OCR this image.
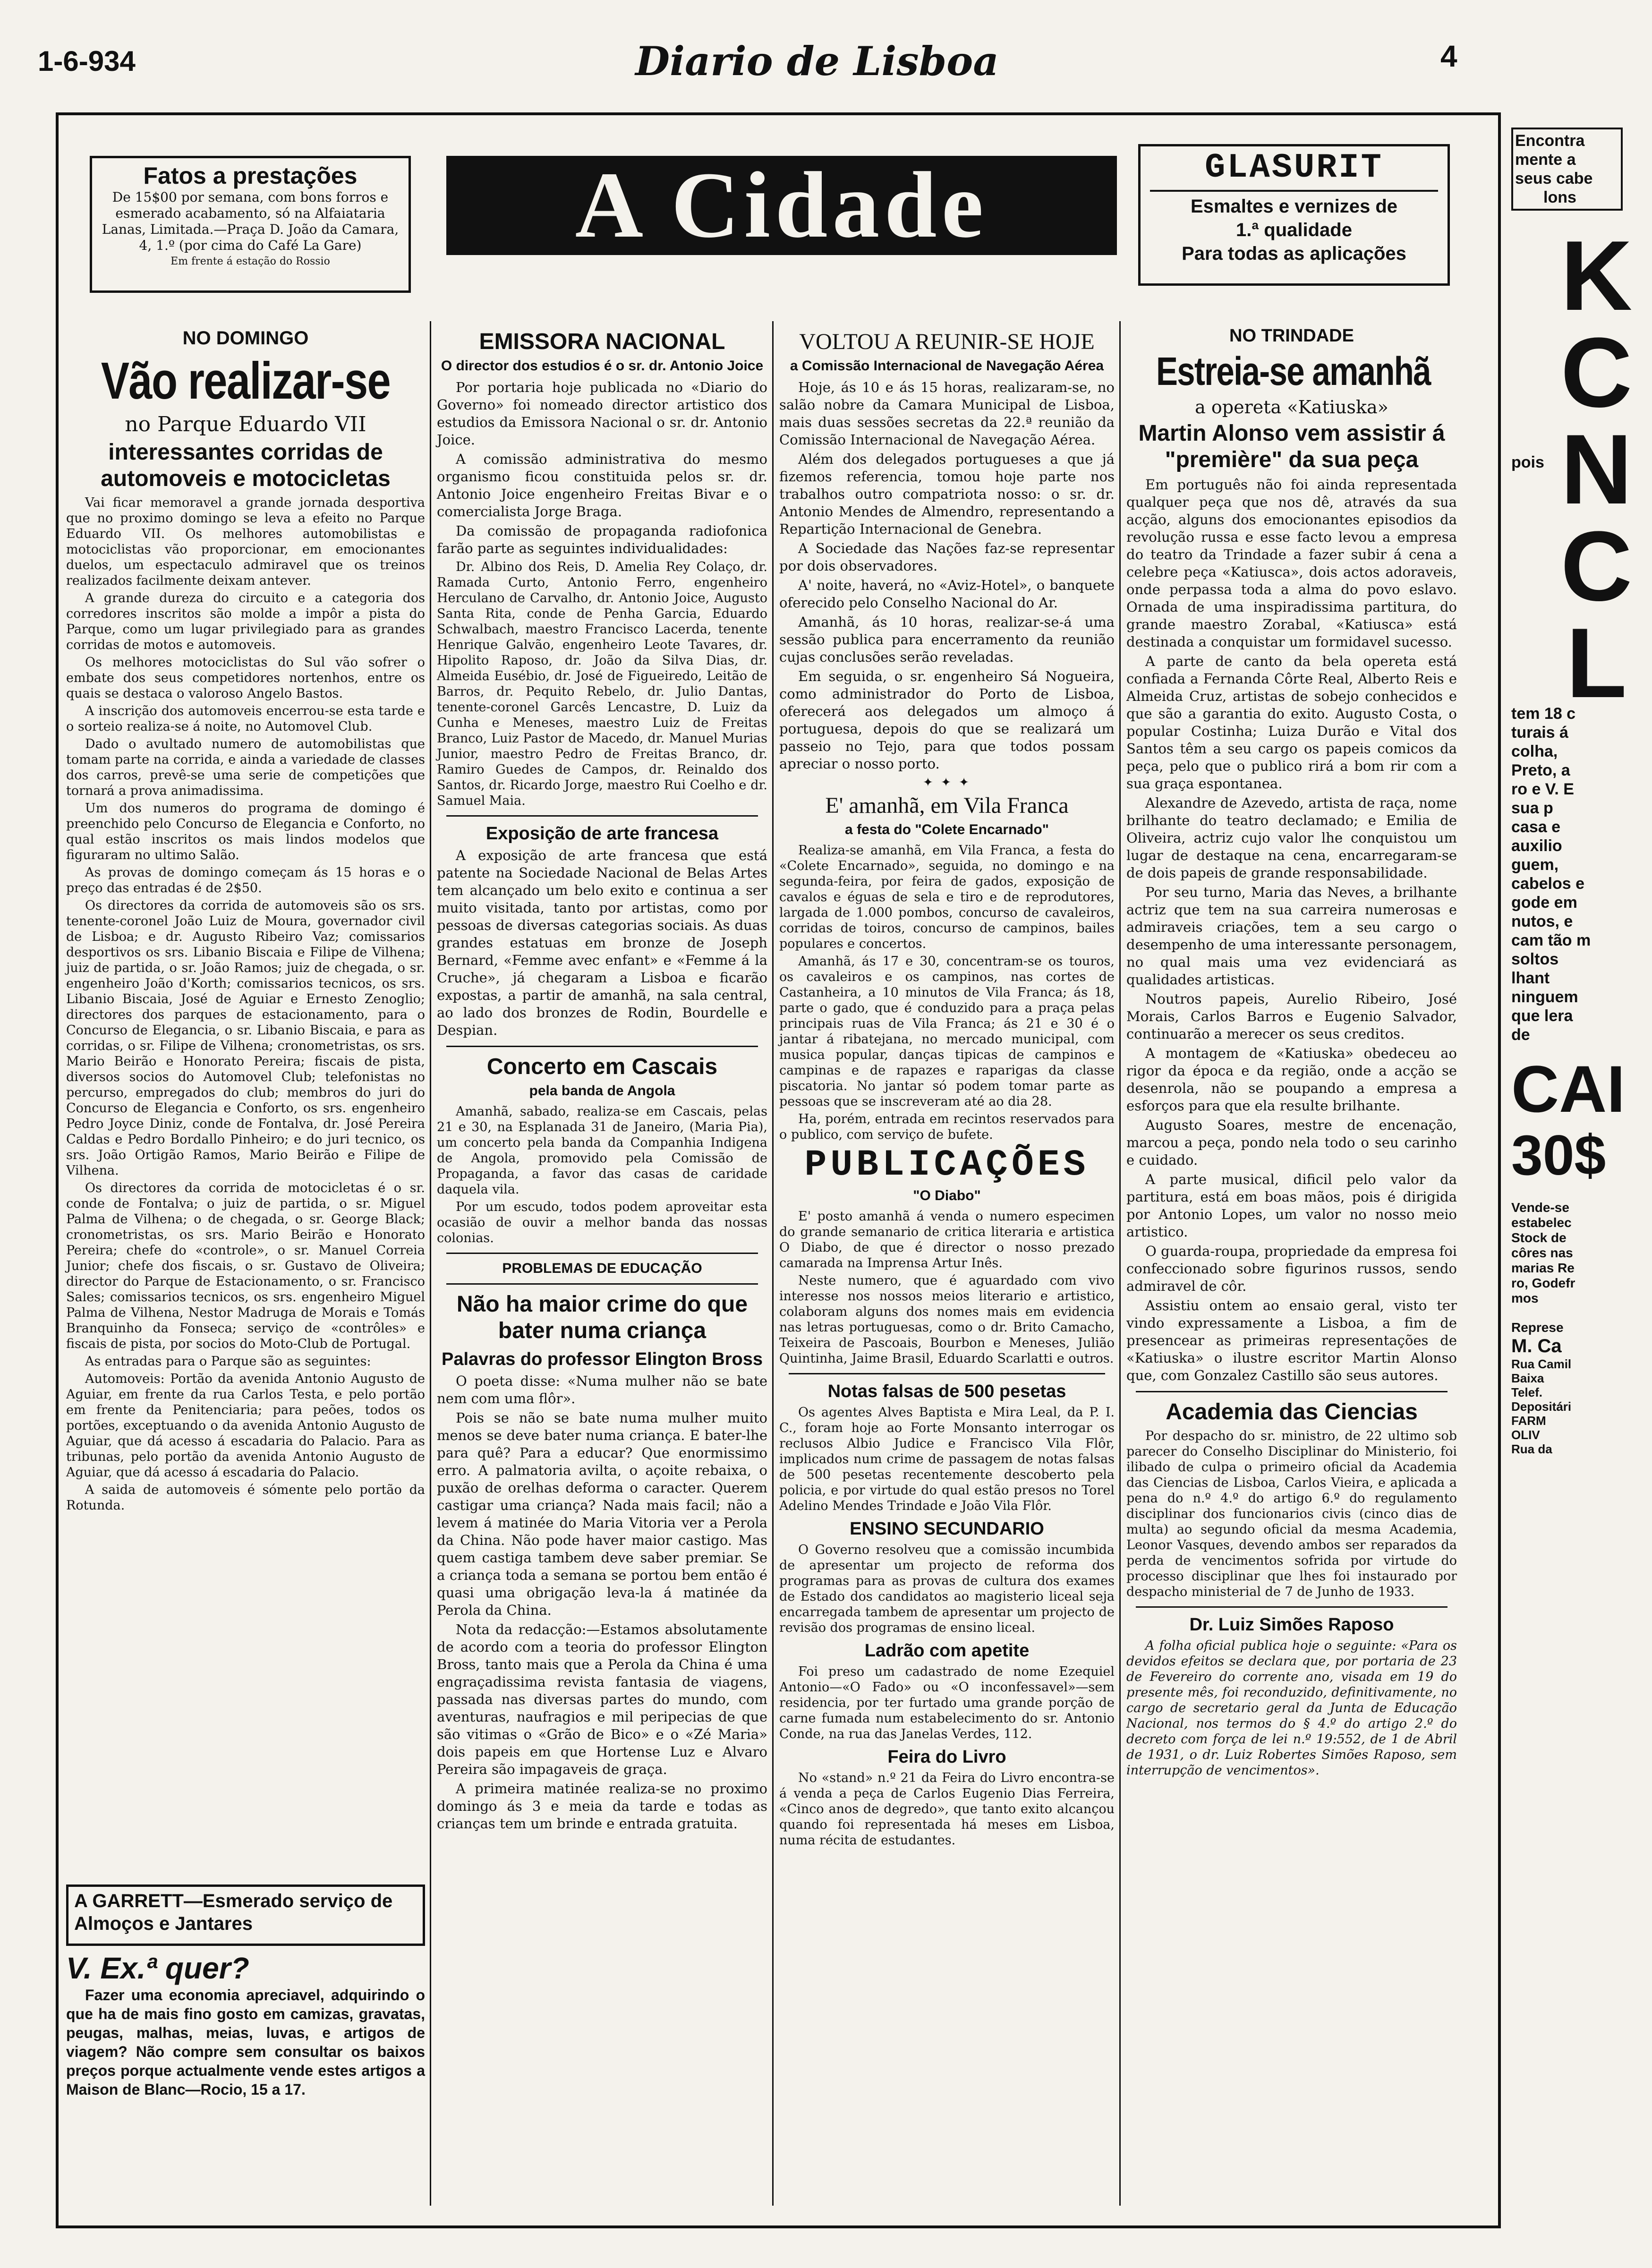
1-6-934	Diario de Lisboa	4
Fatos a prestações
De 15$00 por semana, com bons forros e esmerado acabamento, só na Alfaiataria Lanas, Limitada.—Praça D. João da Camara, 4, 1.º (por cima do Café La Gare)
Em frente á estação do Rossio
A Cidade	GLASURIT
Esmaltes e vernizes de
1.ª qualidade
Para todas as aplicações
NO DOMINGO
Vão realizar-se
no Parque Eduardo VII
interessantes corridas de automoveis e motocicletas

Vai ficar memoravel a grande jornada desportiva que no proximo domingo se leva a efeito no Parque Eduardo VII. Os melhores automobilistas e motociclistas vão proporcionar, em emocionantes duelos, um espectaculo admiravel que os treinos realizados facilmente deixam antever.

A grande dureza do circuito e a categoria dos corredores inscritos são molde a impôr a pista do Parque, como um lugar privilegiado para as grandes corridas de motos e automoveis.

Os melhores motociclistas do Sul vão sofrer o embate dos seus competidores nortenhos, entre os quais se destaca o valoroso Angelo Bastos.

A inscrição dos automoveis encerrou-se esta tarde e o sorteio realiza-se á noite, no Automovel Club.

Dado o avultado numero de automobilistas que tomam parte na corrida, e ainda a variedade de classes dos carros, prevê-se uma serie de competições que tornará a prova animadissima.

Um dos numeros do programa de domingo é preenchido pelo Concurso de Elegancia e Conforto, no qual estão inscritos os mais lindos modelos que figuraram no ultimo Salão.

As provas de domingo começam ás 15 horas e o preço das entradas é de 2$50.

Os directores da corrida de automoveis são os srs. tenente-coronel João Luiz de Moura, governador civil de Lisboa; e dr. Augusto Ribeiro Vaz; comissarios desportivos os srs. Libanio Biscaia e Filipe de Vilhena; juiz de partida, o sr. João Ramos; juiz de chegada, o sr. engenheiro João d'Korth; comissarios tecnicos, os srs. Libanio Biscaia, José de Aguiar e Ernesto Zenoglio; directores dos parques de estacionamento, para o Concurso de Elegancia, o sr. Libanio Biscaia, e para as corridas, o sr. Filipe de Vilhena; cronometristas, os srs. Mario Beirão e Honorato Pereira; fiscais de pista, diversos socios do Automovel Club; telefonistas no percurso, empregados do club; membros do juri do Concurso de Elegancia e Conforto, os srs. engenheiro Pedro Joyce Diniz, conde de Fontalva, dr. José Pereira Caldas e Pedro Bordallo Pinheiro; e do juri tecnico, os srs. João Ortigão Ramos, Mario Beirão e Filipe de Vilhena.

Os directores da corrida de motocicletas é o sr. conde de Fontalva; o juiz de partida, o sr. Miguel Palma de Vilhena; o de chegada, o sr. George Black; cronometristas, os srs. Mario Beirão e Honorato Pereira; chefe do «controle», o sr. Manuel Correia Junior; chefe dos fiscais, o sr. Gustavo de Oliveira; director do Parque de Estacionamento, o sr. Francisco Sales; comissarios tecnicos, os srs. engenheiro Miguel Palma de Vilhena, Nestor Madruga de Morais e Tomás Branquinho da Fonseca; serviço de «contrôles» e fiscais de pista, por socios do Moto-Club de Portugal.

As entradas para o Parque são as seguintes:

Automoveis: Portão da avenida Antonio Augusto de Aguiar, em frente da rua Carlos Testa, e pelo portão em frente da Penitenciaria; para peões, todos os portões, exceptuando o da avenida Antonio Augusto de Aguiar, que dá acesso á escadaria do Palacio. Para as tribunas, pelo portão da avenida Antonio Augusto de Aguiar, que dá acesso á escadaria do Palacio.

A saida de automoveis é sómente pelo portão da Rotunda.

A GARRETT—Esmerado serviço de Almoços e Jantares
V. Ex.ª quer?

Fazer uma economia apreciavel, adquirindo o que ha de mais fino gosto em camizas, gravatas, peugas, malhas, meias, luvas, e artigos de viagem? Não compre sem consultar os baixos preços porque actualmente vende estes artigos a Maison de Blanc—Rocio, 15 a 17.

EMISSORA NACIONAL
O director dos estudios é o sr. dr. Antonio Joice

Por portaria hoje publicada no «Diario do Governo» foi nomeado director artistico dos estudios da Emissora Nacional o sr. dr. Antonio Joice.

A comissão administrativa do mesmo organismo ficou constituida pelos sr. dr. Antonio Joice engenheiro Freitas Bivar e o comercialista Jorge Braga.

Da comissão de propaganda radiofonica farão parte as seguintes individualidades:

Dr. Albino dos Reis, D. Amelia Rey Colaço, dr. Ramada Curto, Antonio Ferro, engenheiro Herculano de Carvalho, dr. Antonio Joice, Augusto Santa Rita, conde de Penha Garcia, Eduardo Schwalbach, maestro Francisco Lacerda, tenente Henrique Galvão, engenheiro Leote Tavares, dr. Hipolito Raposo, dr. João da Silva Dias, dr. Almeida Eusébio, dr. José de Figueiredo, Leitão de Barros, dr. Pequito Rebelo, dr. Julio Dantas, tenente-coronel Garcês Lencastre, D. Luiz da Cunha e Meneses, maestro Luiz de Freitas Branco, Luiz Pastor de Macedo, dr. Manuel Murias Junior, maestro Pedro de Freitas Branco, dr. Ramiro Guedes de Campos, dr. Reinaldo dos Santos, dr. Ricardo Jorge, maestro Rui Coelho e dr. Samuel Maia.

Exposição de arte francesa

A exposição de arte francesa que está patente na Sociedade Nacional de Belas Artes tem alcançado um belo exito e continua a ser muito visitada, tanto por artistas, como por pessoas de diversas categorias sociais. As duas grandes estatuas em bronze de Joseph Bernard, «Femme avec enfant» e «Femme á la Cruche», já chegaram a Lisboa e ficarão expostas, a partir de amanhã, na sala central, ao lado dos bronzes de Rodin, Bourdelle e Despian.

Concerto em Cascais
pela banda de Angola

Amanhã, sabado, realiza-se em Cascais, pelas 21 e 30, na Esplanada 31 de Janeiro, (Maria Pia), um concerto pela banda da Companhia Indigena de Angola, promovido pela Comissão de Propaganda, a favor das casas de caridade daquela vila.

Por um escudo, todos podem aproveitar esta ocasião de ouvir a melhor banda das nossas colonias.

PROBLEMAS DE EDUCAÇÃO
Não ha maior crime do que bater numa criança
Palavras do professor Elington Bross

O poeta disse: «Numa mulher não se bate nem com uma flôr».

Pois se não se bate numa mulher muito menos se deve bater numa criança. E bater-lhe para quê? Para a educar? Que enormissimo erro. A palmatoria avilta, o açoite rebaixa, o puxão de orelhas deforma o caracter. Querem castigar uma criança? Nada mais facil; não a levem á matinée do Maria Vitoria ver a Perola da China. Não pode haver maior castigo. Mas quem castiga tambem deve saber premiar. Se a criança toda a semana se portou bem então é quasi uma obrigação leva-la á matinée da Perola da China.

Nota da redacção:—Estamos absolutamente de acordo com a teoria do professor Elington Bross, tanto mais que a Perola da China é uma engraçadissima revista fantasia de viagens, passada nas diversas partes do mundo, com aventuras, naufragios e mil peripecias de que são vitimas o «Grão de Bico» e o «Zé Maria» dois papeis em que Hortense Luz e Alvaro Pereira são impagaveis de graça.

A primeira matinée realiza-se no proximo domingo ás 3 e meia da tarde e todas as crianças tem um brinde e entrada gratuita.

VOLTOU A REUNIR-SE HOJE
a Comissão Internacional de Navegação Aérea

Hoje, ás 10 e ás 15 horas, realizaram-se, no salão nobre da Camara Municipal de Lisboa, mais duas sessões secretas da 22.ª reunião da Comissão Internacional de Navegação Aérea.

Além dos delegados portugueses a que já fizemos referencia, tomou hoje parte nos trabalhos outro compatriota nosso: o sr. dr. Antonio Mendes de Almendro, representando a Repartição Internacional de Genebra.

A Sociedade das Nações faz-se representar por dois observadores.

A' noite, haverá, no «Aviz-Hotel», o banquete oferecido pelo Conselho Nacional do Ar.

Amanhã, ás 10 horas, realizar-se-á uma sessão publica para encerramento da reunião cujas conclusões serão reveladas.

Em seguida, o sr. engenheiro Sá Nogueira, como administrador do Porto de Lisboa, oferecerá aos delegados um almoço á portuguesa, depois do que se realizará um passeio no Tejo, para que todos possam apreciar o nosso porto.

✦ ✦ ✦
E' amanhã, em Vila Franca
a festa do "Colete Encarnado"

Realiza-se amanhã, em Vila Franca, a festa do «Colete Encarnado», seguida, no domingo e na segunda-feira, por feira de gados, exposição de cavalos e éguas de sela e tiro e de reprodutores, largada de 1.000 pombos, concurso de cavaleiros, corridas de toiros, concurso de campinos, bailes populares e concertos.

Amanhã, ás 17 e 30, concentram-se os touros, os cavaleiros e os campinos, nas cortes de Castanheira, a 10 minutos de Vila Franca; ás 18, parte o gado, que é conduzido para a praça pelas principais ruas de Vila Franca; ás 21 e 30 é o jantar á ribatejana, no mercado municipal, com musica popular, danças tipicas de campinos e campinas e de rapazes e raparigas da classe piscatoria. No jantar só podem tomar parte as pessoas que se inscreveram até ao dia 28.

Ha, porém, entrada em recintos reservados para o publico, com serviço de bufete.

PUBLICAÇÕES
"O Diabo"

E' posto amanhã á venda o numero especimen do grande semanario de critica literaria e artistica O Diabo, de que é director o nosso prezado camarada na Imprensa Artur Inês.

Neste numero, que é aguardado com vivo interesse nos nossos meios literario e artistico, colaboram alguns dos nomes mais em evidencia nas letras portuguesas, como o dr. Brito Camacho, Teixeira de Pascoais, Bourbon e Meneses, Julião Quintinha, Jaime Brasil, Eduardo Scarlatti e outros.

Notas falsas de 500 pesetas

Os agentes Alves Baptista e Mira Leal, da P. I. C., foram hoje ao Forte Monsanto interrogar os reclusos Albio Judice e Francisco Vila Flôr, implicados num crime de passagem de notas falsas de 500 pesetas recentemente descoberto pela policia, e por virtude do qual estão presos no Torel Adelino Mendes Trindade e João Vila Flôr.

ENSINO SECUNDARIO

O Governo resolveu que a comissão incumbida de apresentar um projecto de reforma dos programas para as provas de cultura dos exames de Estado dos candidatos ao magisterio liceal seja encarregada tambem de apresentar um projecto de revisão dos programas de ensino liceal.

Ladrão com apetite

Foi preso um cadastrado de nome Ezequiel Antonio—«O Fado» ou «O inconfessavel»—sem residencia, por ter furtado uma grande porção de carne fumada num estabelecimento do sr. Antonio Conde, na rua das Janelas Verdes, 112.

Feira do Livro

No «stand» n.º 21 da Feira do Livro encontra-se á venda a peça de Carlos Eugenio Dias Ferreira, «Cinco anos de degredo», que tanto exito alcançou quando foi representada há meses em Lisboa, numa récita de estudantes.

NO TRINDADE
Estreia-se amanhã
a opereta «Katiuska»
Martin Alonso vem assistir á "première" da sua peça

Em português não foi ainda representada qualquer peça que nos dê, através da sua acção, alguns dos emocionantes episodios da revolução russa e esse facto levou a empresa do teatro da Trindade a fazer subir á cena a celebre peça «Katiusca», dois actos adoraveis, onde perpassa toda a alma do povo eslavo. Ornada de uma inspiradissima partitura, do grande maestro Zorabal, «Katiusca» está destinada a conquistar um formidavel sucesso.

A parte de canto da bela opereta está confiada a Fernanda Côrte Real, Alberto Reis e Almeida Cruz, artistas de sobejo conhecidos e que são a garantia do exito. Augusto Costa, o popular Costinha; Luiza Durão e Vital dos Santos têm a seu cargo os papeis comicos da peça, pelo que o publico rirá a bom rir com a sua graça espontanea.

Alexandre de Azevedo, artista de raça, nome brilhante do teatro declamado; e Emilia de Oliveira, actriz cujo valor lhe conquistou um lugar de destaque na cena, encarregaram-se de dois papeis de grande responsabilidade.

Por seu turno, Maria das Neves, a brilhante actriz que tem na sua carreira numerosas e admiraveis criações, tem a seu cargo o desempenho de uma interessante personagem, no qual mais uma vez evidenciará as qualidades artisticas.

Noutros papeis, Aurelio Ribeiro, José Morais, Carlos Barros e Eugenio Salvador, continuarão a merecer os seus creditos.

A montagem de «Katiuska» obedeceu ao rigor da época e da região, onde a acção se desenrola, não se poupando a empresa a esforços para que ela resulte brilhante.

Augusto Soares, mestre de encenação, marcou a peça, pondo nela todo o seu carinho e cuidado.

A parte musical, dificil pelo valor da partitura, está em boas mãos, pois é dirigida por Antonio Lopes, um valor no nosso meio artistico.

O guarda-roupa, propriedade da empresa foi confeccionado sobre figurinos russos, sendo admiravel de côr.

Assistiu ontem ao ensaio geral, visto ter vindo expressamente a Lisboa, a fim de presencear as primeiras representações de «Katiuska» o ilustre escritor Martin Alonso que, com Gonzalez Castillo são seus autores.

Academia das Ciencias

Por despacho do sr. ministro, de 22 ultimo sob parecer do Conselho Disciplinar do Ministerio, foi ilibado de culpa o primeiro oficial da Academia das Ciencias de Lisboa, Carlos Vieira, e aplicada a pena do n.º 4.º do artigo 6.º do regulamento disciplinar dos funcionarios civis (cinco dias de multa) ao segundo oficial da mesma Academia, Leonor Vasques, devendo ambos ser reparados da perda de vencimentos sofrida por virtude do processo disciplinar que lhes foi instaurado por despacho ministerial de 7 de Junho de 1933.

Dr. Luiz Simões Raposo

A folha oficial publica hoje o seguinte: «Para os devidos efeitos se declara que, por portaria de 23 de Fevereiro do corrente ano, visada em 19 do presente mês, foi reconduzido, definitivamente, no cargo de secretario geral da Junta de Educação Nacional, nos termos do § 4.º do artigo 2.º do decreto com força de lei n.º 19:552, de 1 de Abril de 1931, o dr. Luiz Robertes Simões Raposo, sem interrupção de vencimentos».

Encontra
mente a
seus cabe
lons
pois
KCNCL
tem 18 c
turais á
colha,
Preto, a
ro e V. E
sua p
casa e
auxilio
guem,
cabelos e
gode em
nutos, e
cam tão m
soltos
lhant
ninguem
que lera
de
CAI
30$
Vende-se
estabelec
Stock de
côres nas
marias Re
ro, Godefr
mos
Represe
M. Ca
Rua Camil
Baixa
Telef.
Depositári
FARM
OLIV
Rua da
